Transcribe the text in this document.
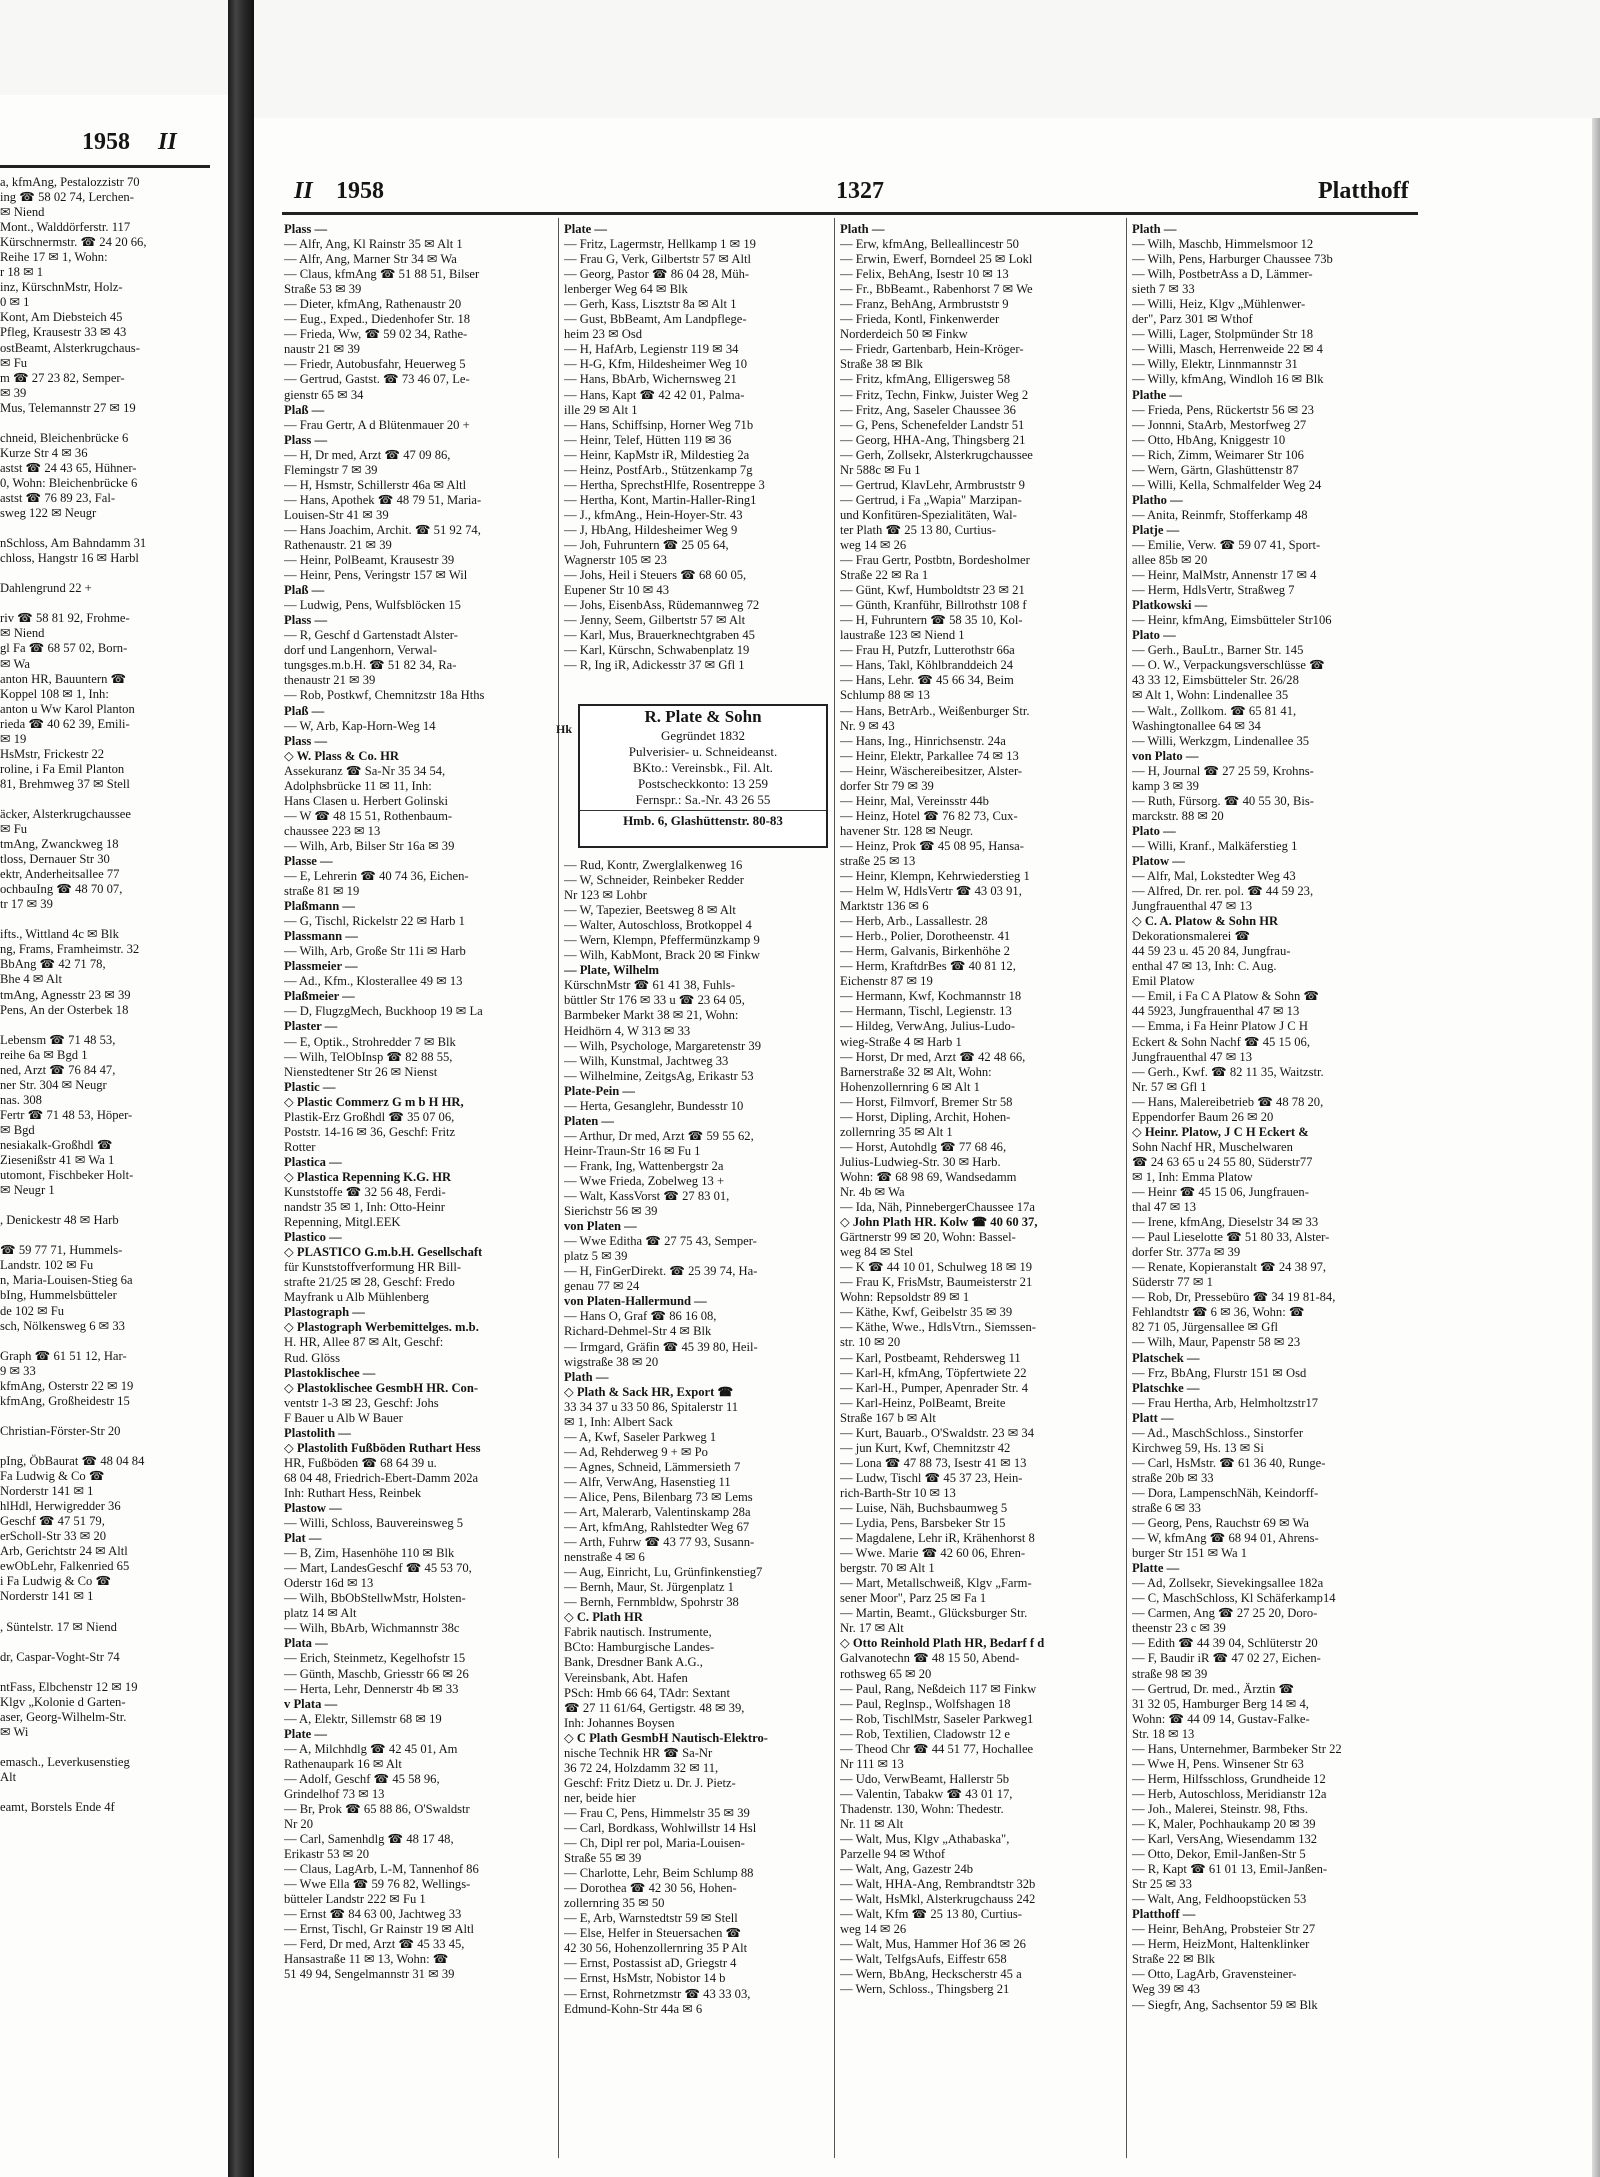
1958 II
a, kfmAng, Pestalozzistr 70
ing ☎ 58 02 74, Lerchen-
✉ Niend
Mont., Walddörferstr. 117
Kürschnermstr. ☎ 24 20 66,
Reihe 17 ✉ 1, Wohn:
r 18 ✉ 1
inz, KürschnMstr, Holz-
0 ✉ 1
Kont, Am Diebsteich 45
Pfleg, Krausestr 33 ✉ 43
ostBeamt, Alsterkrugchaus-
✉ Fu
m ☎ 27 23 82, Semper-
✉ 39
Mus, Telemannstr 27 ✉ 19
chneid, Bleichenbrücke 6
Kurze Str 4 ✉ 36
astst ☎ 24 43 65, Hühner-
0, Wohn: Bleichenbrücke 6
astst ☎ 76 89 23, Fal-
sweg 122 ✉ Neugr
nSchloss, Am Bahndamm 31
chloss, Hangstr 16 ✉ Harbl
Dahlengrund 22 +
riv ☎ 58 81 92, Frohme-
✉ Niend
gl Fa ☎ 68 57 02, Born-
✉ Wa
anton HR, Bauuntern ☎
Koppel 108 ✉ 1, Inh:
anton u Ww Karol Planton
rieda ☎ 40 62 39, Emili-
✉ 19
HsMstr, Frickestr 22
roline, i Fa Emil Planton
81, Brehmweg 37 ✉ Stell
äcker, Alsterkrugchaussee
✉ Fu
tmAng, Zwanckweg 18
tloss, Dernauer Str 30
ektr, Anderheitsallee 77
ochbauIng ☎ 48 70 07,
tr 17 ✉ 39
ifts., Wittland 4c ✉ Blk
ng, Frams, Framheimstr. 32
BbAng ☎ 42 71 78,
Bhe 4 ✉ Alt
tmAng, Agnesstr 23 ✉ 39
Pens, An der Osterbek 18
Lebensm ☎ 71 48 53,
reihe 6a ✉ Bgd 1
ned, Arzt ☎ 76 84 47,
ner Str. 304 ✉ Neugr
nas. 308
Fertr ☎ 71 48 53, Höper-
✉ Bgd
nesiakalk-Großhdl ☎
Ziesenißstr 41 ✉ Wa 1
utomont, Fischbeker Holt-
✉ Neugr 1
, Denickestr 48 ✉ Harb
☎ 59 77 71, Hummels-
Landstr. 102 ✉ Fu
n, Maria-Louisen-Stieg 6a
bIng, Hummelsbütteler
de 102 ✉ Fu
sch, Nölkensweg 6 ✉ 33
Graph ☎ 61 51 12, Har-
9 ✉ 33
kfmAng, Osterstr 22 ✉ 19
kfmAng, Großheidestr 15
Christian-Förster-Str 20
pIng, ÖbBaurat ☎ 48 04 84
Fa Ludwig & Co ☎
Norderstr 141 ✉ 1
hlHdl, Herwigredder 36
Geschf ☎ 47 51 79,
erScholl-Str 33 ✉ 20
Arb, Gerichtstr 24 ✉ Altl
ewObLehr, Falkenried 65
i Fa Ludwig & Co ☎
Norderstr 141 ✉ 1
, Süntelstr. 17 ✉ Niend
dr, Caspar-Voght-Str 74
ntFass, Elbchenstr 12 ✉ 19
Klgv „Kolonie d Garten-
aser, Georg-Wilhelm-Str.
✉ Wi
emasch., Leverkusenstieg
Alt
eamt, Borstels Ende 4f
II 1958	1327	Platthoff
Plass —
— Alfr, Ang, Kl Rainstr 35 ✉ Alt 1
— Alfr, Ang, Marner Str 34 ✉ Wa
— Claus, kfmAng ☎ 51 88 51, Bilser
Straße 53 ✉ 39
— Dieter, kfmAng, Rathenaustr 20
— Eug., Exped., Diedenhofer Str. 18
— Frieda, Ww, ☎ 59 02 34, Rathe-
naustr 21 ✉ 39
— Friedr, Autobusfahr, Heuerweg 5
— Gertrud, Gastst. ☎ 73 46 07, Le-
gienstr 65 ✉ 34
Plaß —
— Frau Gertr, A d Blütenmauer 20 +
Plass —
— H, Dr med, Arzt ☎ 47 09 86,
Flemingstr 7 ✉ 39
— H, Hsmstr, Schillerstr 46a ✉ Altl
— Hans, Apothek ☎ 48 79 51, Maria-
Louisen-Str 41 ✉ 39
— Hans Joachim, Archit. ☎ 51 92 74,
Rathenaustr. 21 ✉ 39
— Heinr, PolBeamt, Krausestr 39
— Heinr, Pens, Veringstr 157 ✉ Wil
Plaß —
— Ludwig, Pens, Wulfsblöcken 15
Plass —
— R, Geschf d Gartenstadt Alster-
dorf und Langenhorn, Verwal-
tungsges.m.b.H. ☎ 51 82 34, Ra-
thenaustr 21 ✉ 39
— Rob, Postkwf, Chemnitzstr 18a Hths
Plaß —
— W, Arb, Kap-Horn-Weg 14
Plass —
◇ W. Plass & Co. HR
Assekuranz ☎ Sa-Nr 35 34 54,
Adolphsbrücke 11 ✉ 11, Inh:
Hans Clasen u. Herbert Golinski
— W ☎ 48 15 51, Rothenbaum-
chaussee 223 ✉ 13
— Wilh, Arb, Bilser Str 16a ✉ 39
Plasse —
— E, Lehrerin ☎ 40 74 36, Eichen-
straße 81 ✉ 19
Plaßmann —
— G, Tischl, Rickelstr 22 ✉ Harb 1
Plassmann —
— Wilh, Arb, Große Str 11i ✉ Harb
Plassmeier —
— Ad., Kfm., Klosterallee 49 ✉ 13
Plaßmeier —
— D, FlugzgMech, Buckhoop 19 ✉ La
Plaster —
— E, Optik., Strohredder 7 ✉ Blk
— Wilh, TelObInsp ☎ 82 88 55,
Nienstedtener Str 26 ✉ Nienst
Plastic —
◇ Plastic Commerz G m b H HR,
Plastik-Erz Großhdl ☎ 35 07 06,
Poststr. 14-16 ✉ 36, Geschf: Fritz
Rotter
Plastica —
◇ Plastica Repenning K.G. HR
Kunststoffe ☎ 32 56 48, Ferdi-
nandstr 35 ✉ 1, Inh: Otto-Heinr
Repenning, Mitgl.EEK
Plastico —
◇ PLASTICO G.m.b.H. Gesellschaft
für Kunststoffverformung HR Bill-
strafte 21/25 ✉ 28, Geschf: Fredo
Mayfrank u Alb Mühlenberg
Plastograph —
◇ Plastograph Werbemittelges. m.b.
H. HR, Allee 87 ✉ Alt, Geschf:
Rud. Glöss
Plastoklischee —
◇ Plastoklischee GesmbH HR. Con-
ventstr 1-3 ✉ 23, Geschf: Johs
F Bauer u Alb W Bauer
Plastolith —
◇ Plastolith Fußböden Ruthart Hess
HR, Fußböden ☎ 68 64 39 u.
68 04 48, Friedrich-Ebert-Damm 202a
Inh: Ruthart Hess, Reinbek
Plastow —
— Willi, Schloss, Bauvereinsweg 5
Plat —
— B, Zim, Hasenhöhe 110 ✉ Blk
— Mart, LandesGeschf ☎ 45 53 70,
Oderstr 16d ✉ 13
— Wilh, BbObStellwMstr, Holsten-
platz 14 ✉ Alt
— Wilh, BbArb, Wichmannstr 38c
Plata —
— Erich, Steinmetz, Kegelhofstr 15
— Günth, Maschb, Griesstr 66 ✉ 26
— Herta, Lehr, Dennerstr 4b ✉ 33
v Plata —
— A, Elektr, Sillemstr 68 ✉ 19
Plate —
— A, Milchhdlg ☎ 42 45 01, Am
Rathenaupark 16 ✉ Alt
— Adolf, Geschf ☎ 45 58 96,
Grindelhof 73 ✉ 13
— Br, Prok ☎ 65 88 86, O'Swaldstr
Nr 20
— Carl, Samenhdlg ☎ 48 17 48,
Erikastr 53 ✉ 20
— Claus, LagArb, L-M, Tannenhof 86
— Wwe Ella ☎ 59 76 82, Wellings-
bütteler Landstr 222 ✉ Fu 1
— Ernst ☎ 84 63 00, Jachtweg 33
— Ernst, Tischl, Gr Rainstr 19 ✉ Altl
— Ferd, Dr med, Arzt ☎ 45 33 45,
Hansastraße 11 ✉ 13, Wohn: ☎
51 49 94, Sengelmannstr 31 ✉ 39
Plate —
— Fritz, Lagermstr, Hellkamp 1 ✉ 19
— Frau G, Verk, Gilbertstr 57 ✉ Altl
— Georg, Pastor ☎ 86 04 28, Müh-
lenberger Weg 64 ✉ Blk
— Gerh, Kass, Lisztstr 8a ✉ Alt 1
— Gust, BbBeamt, Am Landpflege-
heim 23 ✉ Osd
— H, HafArb, Legienstr 119 ✉ 34
— H-G, Kfm, Hildesheimer Weg 10
— Hans, BbArb, Wichernsweg 21
— Hans, Kapt ☎ 42 42 01, Palma-
ille 29 ✉ Alt 1
— Hans, Schiffsinp, Horner Weg 71b
— Heinr, Telef, Hütten 119 ✉ 36
— Heinr, KapMstr iR, Mildestieg 2a
— Heinz, PostfArb., Stützenkamp 7g
— Hertha, SprechstHlfe, Rosentreppe 3
— Hertha, Kont, Martin-Haller-Ring1
— J., kfmAng., Hein-Hoyer-Str. 43
— J, HbAng, Hildesheimer Weg 9
— Joh, Fuhruntern ☎ 25 05 64,
Wagnerstr 105 ✉ 23
— Johs, Heil i Steuers ☎ 68 60 05,
Eupener Str 10 ✉ 43
— Johs, EisenbAss, Rüdemannweg 72
— Jenny, Seem, Gilbertstr 57 ✉ Alt
— Karl, Mus, Brauerknechtgraben 45
— Karl, Kürschn, Schwabenplatz 19
— R, Ing iR, Adickesstr 37 ✉ Gfl 1
Hk
R. Plate & Sohn
Gegründet 1832
Pulverisier- u. Schneideanst.
BKto.: Vereinsbk., Fil. Alt.
Postscheckkonto: 13 259
Fernspr.: Sa.-Nr. 43 26 55
Hmb. 6, Glashüttenstr. 80-83
— Rud, Kontr, Zwerglalkenweg 16
— W, Schneider, Reinbeker Redder
Nr 123 ✉ Lohbr
— W, Tapezier, Beetsweg 8 ✉ Alt
— Walter, Autoschloss, Brotkoppel 4
— Wern, Klempn, Pfeffermünzkamp 9
— Wilh, KabMont, Brack 20 ✉ Finkw
— Plate, Wilhelm
KürschnMstr ☎ 61 41 38, Fuhls-
büttler Str 176 ✉ 33 u ☎ 23 64 05,
Barmbeker Markt 38 ✉ 21, Wohn:
Heidhörn 4, W 313 ✉ 33
— Wilh, Psychologe, Margaretenstr 39
— Wilh, Kunstmal, Jachtweg 33
— Wilhelmine, ZeitgsAg, Erikastr 53
Plate-Pein —
— Herta, Gesanglehr, Bundesstr 10
Platen —
— Arthur, Dr med, Arzt ☎ 59 55 62,
Heinr-Traun-Str 16 ✉ Fu 1
— Frank, Ing, Wattenbergstr 2a
— Wwe Frieda, Zobelweg 13 +
— Walt, KassVorst ☎ 27 83 01,
Sierichstr 56 ✉ 39
von Platen —
— Wwe Editha ☎ 27 75 43, Semper-
platz 5 ✉ 39
— H, FinGerDirekt. ☎ 25 39 74, Ha-
genau 77 ✉ 24
von Platen-Hallermund —
— Hans O, Graf ☎ 86 16 08,
Richard-Dehmel-Str 4 ✉ Blk
— Irmgard, Gräfin ☎ 45 39 80, Heil-
wigstraße 38 ✉ 20
Plath —
◇ Plath & Sack HR, Export ☎
33 34 37 u 33 50 86, Spitalerstr 11
✉ 1, Inh: Albert Sack
— A, Kwf, Saseler Parkweg 1
— Ad, Rehderweg 9 + ✉ Po
— Agnes, Schneid, Lämmersieth 7
— Alfr, VerwAng, Hasenstieg 11
— Alice, Pens, Bilenbarg 73 ✉ Lems
— Art, Malerarb, Valentinskamp 28a
— Art, kfmAng, Rahlstedter Weg 67
— Arth, Fuhrw ☎ 43 77 93, Susann-
nenstraße 4 ✉ 6
— Aug, Einricht, Lu, Grünfinkenstieg7
— Bernh, Maur, St. Jürgenplatz 1
— Bernh, Fernmbldw, Spohrstr 38
◇ C. Plath HR
Fabrik nautisch. Instrumente,
BCto: Hamburgische Landes-
Bank, Dresdner Bank A.G.,
Vereinsbank, Abt. Hafen
PSch: Hmb 66 64, TAdr: Sextant
☎ 27 11 61/64, Gertigstr. 48 ✉ 39,
Inh: Johannes Boysen
◇ C Plath GesmbH Nautisch-Elektro-
nische Technik HR ☎ Sa-Nr
36 72 24, Holzdamm 32 ✉ 11,
Geschf: Fritz Dietz u. Dr. J. Pietz-
ner, beide hier
— Frau C, Pens, Himmelstr 35 ✉ 39
— Carl, Bordkass, Wohlwillstr 14 Hsl
— Ch, Dipl rer pol, Maria-Louisen-
Straße 55 ✉ 39
— Charlotte, Lehr, Beim Schlump 88
— Dorothea ☎ 42 30 56, Hohen-
zollernring 35 ✉ 50
— E, Arb, Warnstedtstr 59 ✉ Stell
— Else, Helfer in Steuersachen ☎
42 30 56, Hohenzollernring 35 P Alt
— Ernst, Postassist aD, Griegstr 4
— Ernst, HsMstr, Nobistor 14 b
— Ernst, Rohrnetzmstr ☎ 43 33 03,
Edmund-Kohn-Str 44a ✉ 6
Plath —
— Erw, kfmAng, Belleallincestr 50
— Erwin, Ewerf, Borndeel 25 ✉ Lokl
— Felix, BehAng, Isestr 10 ✉ 13
— Fr., BbBeamt., Rabenhorst 7 ✉ We
— Franz, BehAng, Armbruststr 9
— Frieda, Kontl, Finkenwerder
Norderdeich 50 ✉ Finkw
— Friedr, Gartenbarb, Hein-Kröger-
Straße 38 ✉ Blk
— Fritz, kfmAng, Elligersweg 58
— Fritz, Techn, Finkw, Juister Weg 2
— Fritz, Ang, Saseler Chaussee 36
— G, Pens, Schenefelder Landstr 51
— Georg, HHA-Ang, Thingsberg 21
— Gerh, Zollsekr, Alsterkrugchaussee
Nr 588c ✉ Fu 1
— Gertrud, KlavLehr, Armbruststr 9
— Gertrud, i Fa „Wapia" Marzipan-
und Konfitüren-Spezialitäten, Wal-
ter Plath ☎ 25 13 80, Curtius-
weg 14 ✉ 26
— Frau Gertr, Postbtn, Bordesholmer
Straße 22 ✉ Ra 1
— Günt, Kwf, Humboldtstr 23 ✉ 21
— Günth, Kranführ, Billrothstr 108 f
— H, Fuhruntern ☎ 58 35 10, Kol-
laustraße 123 ✉ Niend 1
— Frau H, Putzfr, Lutterothstr 66a
— Hans, Takl, Köhlbranddeich 24
— Hans, Lehr. ☎ 45 66 34, Beim
Schlump 88 ✉ 13
— Hans, BetrArb., Weißenburger Str.
Nr. 9 ✉ 43
— Hans, Ing., Hinrichsenstr. 24a
— Heinr, Elektr, Parkallee 74 ✉ 13
— Heinr, Wäschereibesitzer, Alster-
dorfer Str 79 ✉ 39
— Heinr, Mal, Vereinsstr 44b
— Heinz, Hotel ☎ 76 82 73, Cux-
havener Str. 128 ✉ Neugr.
— Heinz, Prok ☎ 45 08 95, Hansa-
straße 25 ✉ 13
— Heinr, Klempn, Kehrwiederstieg 1
— Helm W, HdlsVertr ☎ 43 03 91,
Marktstr 136 ✉ 6
— Herb, Arb., Lassallestr. 28
— Herb., Polier, Dorotheenstr. 41
— Herm, Galvanis, Birkenhöhe 2
— Herm, KraftdrBes ☎ 40 81 12,
Eichenstr 87 ✉ 19
— Hermann, Kwf, Kochmannstr 18
— Hermann, Tischl, Legienstr. 13
— Hildeg, VerwAng, Julius-Ludo-
wieg-Straße 4 ✉ Harb 1
— Horst, Dr med, Arzt ☎ 42 48 66,
Barnerstraße 32 ✉ Alt, Wohn:
Hohenzollernring 6 ✉ Alt 1
— Horst, Filmvorf, Bremer Str 58
— Horst, Dipling, Archit, Hohen-
zollernring 35 ✉ Alt 1
— Horst, Autohdlg ☎ 77 68 46,
Julius-Ludwieg-Str. 30 ✉ Harb.
Wohn: ☎ 68 98 69, Wandsedamm
Nr. 4b ✉ Wa
— Ida, Näh, PinnebergerChaussee 17a
◇ John Plath HR. Kolw ☎ 40 60 37,
Gärtnerstr 99 ✉ 20, Wohn: Bassel-
weg 84 ✉ Stel
— K ☎ 44 10 01, Schulweg 18 ✉ 19
— Frau K, FrisMstr, Baumeisterstr 21
Wohn: Repsoldstr 89 ✉ 1
— Käthe, Kwf, Geibelstr 35 ✉ 39
— Käthe, Wwe., HdlsVtrn., Siemssen-
str. 10 ✉ 20
— Karl, Postbeamt, Rehdersweg 11
— Karl-H, kfmAng, Töpfertwiete 22
— Karl-H., Pumper, Apenrader Str. 4
— Karl-Heinz, PolBeamt, Breite
Straße 167 b ✉ Alt
— Kurt, Bauarb., O'Swaldstr. 23 ✉ 34
— jun Kurt, Kwf, Chemnitzstr 42
— Lona ☎ 47 88 73, Isestr 41 ✉ 13
— Ludw, Tischl ☎ 45 37 23, Hein-
rich-Barth-Str 10 ✉ 13
— Luise, Näh, Buchsbaumweg 5
— Lydia, Pens, Barsbeker Str 15
— Magdalene, Lehr iR, Krähenhorst 8
— Wwe. Marie ☎ 42 60 06, Ehren-
bergstr. 70 ✉ Alt 1
— Mart, Metallschweiß, Klgv „Farm-
sener Moor", Parz 25 ✉ Fa 1
— Martin, Beamt., Glücksburger Str.
Nr. 17 ✉ Alt
◇ Otto Reinhold Plath HR, Bedarf f d
Galvanotechn ☎ 48 15 50, Abend-
rothsweg 65 ✉ 20
— Paul, Rang, Neßdeich 117 ✉ Finkw
— Paul, Reglnsp., Wolfshagen 18
— Rob, TischlMstr, Saseler Parkweg1
— Rob, Textilien, Cladowstr 12 e
— Theod Chr ☎ 44 51 77, Hochallee
Nr 111 ✉ 13
— Udo, VerwBeamt, Hallerstr 5b
— Valentin, Tabakw ☎ 43 01 17,
Thadenstr. 130, Wohn: Thedestr.
Nr. 11 ✉ Alt
— Walt, Mus, Klgv „Athabaska",
Parzelle 94 ✉ Wthof
— Walt, Ang, Gazestr 24b
— Walt, HHA-Ang, Rembrandtstr 32b
— Walt, HsMkl, Alsterkrugchauss 242
— Walt, Kfm ☎ 25 13 80, Curtius-
weg 14 ✉ 26
— Walt, Mus, Hammer Hof 36 ✉ 26
— Walt, TelfgsAufs, Eiffestr 658
— Wern, BbAng, Heckscherstr 45 a
— Wern, Schloss., Thingsberg 21
Plath —
— Wilh, Maschb, Himmelsmoor 12
— Wilh, Pens, Harburger Chaussee 73b
— Wilh, PostbetrAss a D, Lämmer-
sieth 7 ✉ 33
— Willi, Heiz, Klgv „Mühlenwer-
der", Parz 301 ✉ Wthof
— Willi, Lager, Stolpmünder Str 18
— Willi, Masch, Herrenweide 22 ✉ 4
— Willy, Elektr, Linnmannstr 31
— Willy, kfmAng, Windloh 16 ✉ Blk
Plathe —
— Frieda, Pens, Rückertstr 56 ✉ 23
— Jonnni, StaArb, Mestorfweg 27
— Otto, HbAng, Kniggestr 10
— Rich, Zimm, Weimarer Str 106
— Wern, Gärtn, Glashüttenstr 87
— Willi, Kella, Schmalfelder Weg 24
Platho —
— Anita, Reinmfr, Stofferkamp 48
Platje —
— Emilie, Verw. ☎ 59 07 41, Sport-
allee 85b ✉ 20
— Heinr, MalMstr, Annenstr 17 ✉ 4
— Herm, HdlsVertr, Straßweg 7
Platkowski —
— Heinr, kfmAng, Eimsbütteler Str106
Plato —
— Gerh., BauLtr., Barner Str. 145
— O. W., Verpackungsverschlüsse ☎
43 33 12, Eimsbütteler Str. 26/28
✉ Alt 1, Wohn: Lindenallee 35
— Walt., Zollkom. ☎ 65 81 41,
Washingtonallee 64 ✉ 34
— Willi, Werkzgm, Lindenallee 35
von Plato —
— H, Journal ☎ 27 25 59, Krohns-
kamp 3 ✉ 39
— Ruth, Fürsorg. ☎ 40 55 30, Bis-
marckstr. 88 ✉ 20
Plato —
— Willi, Kranf., Malkäferstieg 1
Platow —
— Alfr, Mal, Lokstedter Weg 43
— Alfred, Dr. rer. pol. ☎ 44 59 23,
Jungfrauenthal 47 ✉ 13
◇ C. A. Platow & Sohn HR
Dekorationsmalerei ☎
44 59 23 u. 45 20 84, Jungfrau-
enthal 47 ✉ 13, Inh: C. Aug.
Emil Platow
— Emil, i Fa C A Platow & Sohn ☎
44 5923, Jungfrauenthal 47 ✉ 13
— Emma, i Fa Heinr Platow J C H
Eckert & Sohn Nachf ☎ 45 15 06,
Jungfrauenthal 47 ✉ 13
— Gerh., Kwf. ☎ 82 11 35, Waitzstr.
Nr. 57 ✉ Gfl 1
— Hans, Malereibetrieb ☎ 48 78 20,
Eppendorfer Baum 26 ✉ 20
◇ Heinr. Platow, J C H Eckert &
Sohn Nachf HR, Muschelwaren
☎ 24 63 65 u 24 55 80, Süderstr77
✉ 1, Inh: Emma Platow
— Heinr ☎ 45 15 06, Jungfrauen-
thal 47 ✉ 13
— Irene, kfmAng, Dieselstr 34 ✉ 33
— Paul Lieselotte ☎ 51 80 33, Alster-
dorfer Str. 377a ✉ 39
— Renate, Kopieranstalt ☎ 24 38 97,
Süderstr 77 ✉ 1
— Rob, Dr, Pressebüro ☎ 34 19 81-84,
Fehlandtstr ☎ 6 ✉ 36, Wohn: ☎
82 71 05, Jürgensallee ✉ Gfl
— Wilh, Maur, Papenstr 58 ✉ 23
Platschek —
— Frz, BbAng, Flurstr 151 ✉ Osd
Platschke —
— Frau Hertha, Arb, Helmholtzstr17
Platt —
— Ad., MaschSchloss., Sinstorfer
Kirchweg 59, Hs. 13 ✉ Si
— Carl, HsMstr. ☎ 61 36 40, Runge-
straße 20b ✉ 33
— Dora, LampenschNäh, Keindorff-
straße 6 ✉ 33
— Georg, Pens, Rauchstr 69 ✉ Wa
— W, kfmAng ☎ 68 94 01, Ahrens-
burger Str 151 ✉ Wa 1
Platte —
— Ad, Zollsekr, Sievekingsallee 182a
— C, MaschSchloss, Kl Schäferkamp14
— Carmen, Ang ☎ 27 25 20, Doro-
theenstr 23 c ✉ 39
— Edith ☎ 44 39 04, Schlüterstr 20
— F, Baudir iR ☎ 47 02 27, Eichen-
straße 98 ✉ 39
— Gertrud, Dr. med., Ärztin ☎
31 32 05, Hamburger Berg 14 ✉ 4,
Wohn: ☎ 44 09 14, Gustav-Falke-
Str. 18 ✉ 13
— Hans, Unternehmer, Barmbeker Str 22
— Wwe H, Pens. Winsener Str 63
— Herm, Hilfsschloss, Grundheide 12
— Herb, Autoschloss, Meridianstr 12a
— Joh., Malerei, Steinstr. 98, Fths.
— K, Maler, Pochhaukamp 20 ✉ 39
— Karl, VersAng, Wiesendamm 132
— Otto, Dekor, Emil-Janßen-Str 5
— R, Kapt ☎ 61 01 13, Emil-Janßen-
Str 25 ✉ 33
— Walt, Ang, Feldhoopstücken 53
Platthoff —
— Heinr, BehAng, Probsteier Str 27
— Herm, HeizMont, Haltenklinker
Straße 22 ✉ Blk
— Otto, LagArb, Gravensteiner-
Weg 39 ✉ 43
— Siegfr, Ang, Sachsentor 59 ✉ Blk
